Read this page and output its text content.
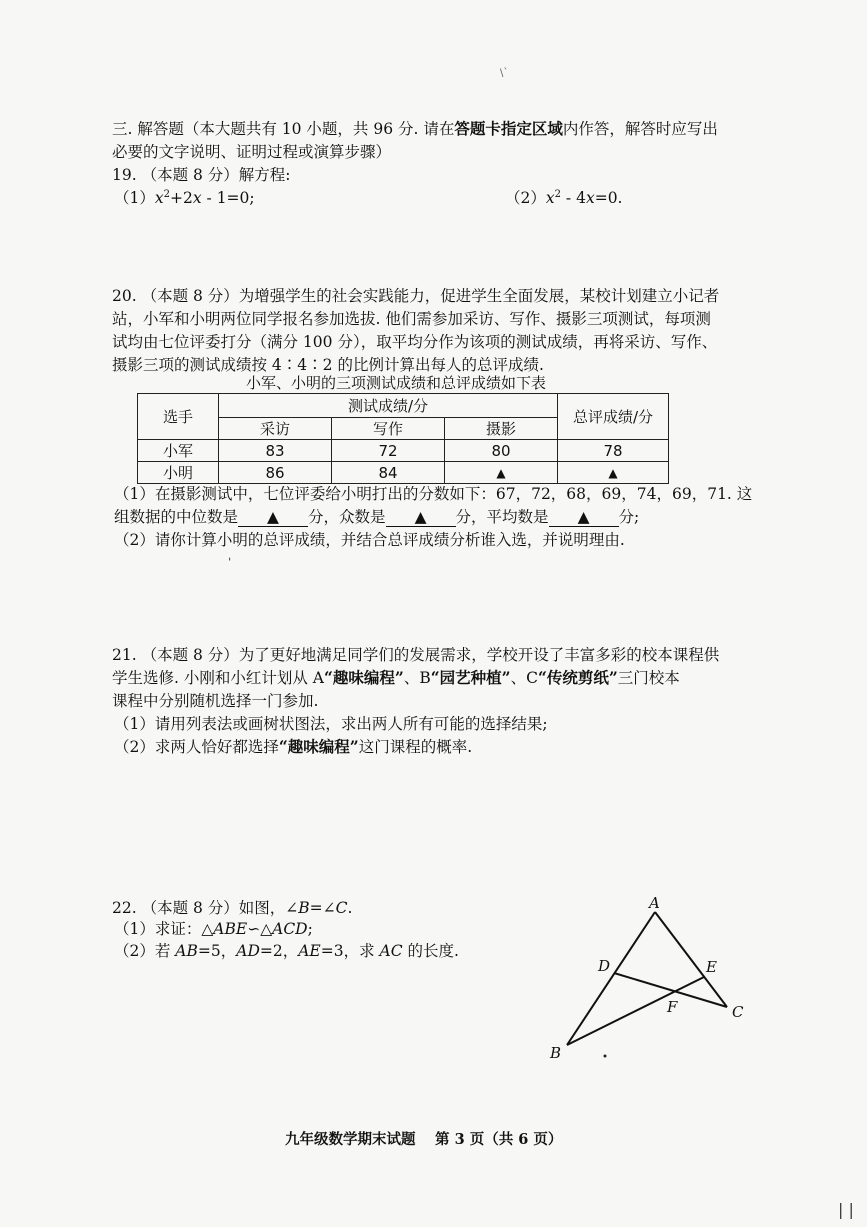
\ˋ
| |
三. 解答题（本大题共有 10 小题，共 96 分. 请在答题卡指定区域内作答，解答时应写出
必要的文字说明、证明过程或演算步骤）
19. （本题 8 分）解方程:
$(1)x^2+2x - 1=0$;	$(2)x^2 - 4x=0$.
20. （本题 8 分）为增强学生的社会实践能力，促进学生全面发展，某校计划建立小记者
站，小军和小明两位同学报名参加选拔. 他们需参加采访、写作、摄影三项测试，每项测
试均由七位评委打分（满分 100 分），取平均分作为该项的测试成绩，再将采访、写作、
摄影三项的测试成绩按 4∶4∶2 的比例计算出每人的总评成绩.
小军、小明的三项测试成绩和总评成绩如下表
选手	测试成绩/分			总评成绩/分
	采访	写作	摄影	
小军	83	72	80	78
小明	86	84	▲	▲
（1）在摄影测试中，七位评委给小明打出的分数如下：67，72，68，69，74，69，71. 这
组数据的中位数是 ▲ 分，众数是 ▲ 分，平均数是 ▲ 分;
（2）请你计算小明的总评成绩，并结合总评成绩分析谁入选，并说明理由.
ˈ
21. （本题 8 分）为了更好地满足同学们的发展需求，学校开设了丰富多彩的校本课程供
学生选修. 小刚和小红计划从 A“趣味编程”、B“园艺种植”、C“传统剪纸”三门校本
课程中分别随机选择一门参加.
（1）请用列表法或画树状图法，求出两人所有可能的选择结果;
（2）求两人恰好都选择“趣味编程”这门课程的概率.
22. （本题 8 分）如图，∠B=∠C.
（1）求证：△ABE∽△ACD;
（2）若 AB=5，AD=2，AE=3，求 AC 的长度.
A
B
C
D	E
F
九年级数学期末试题　 第 3 页（共 6 页）
